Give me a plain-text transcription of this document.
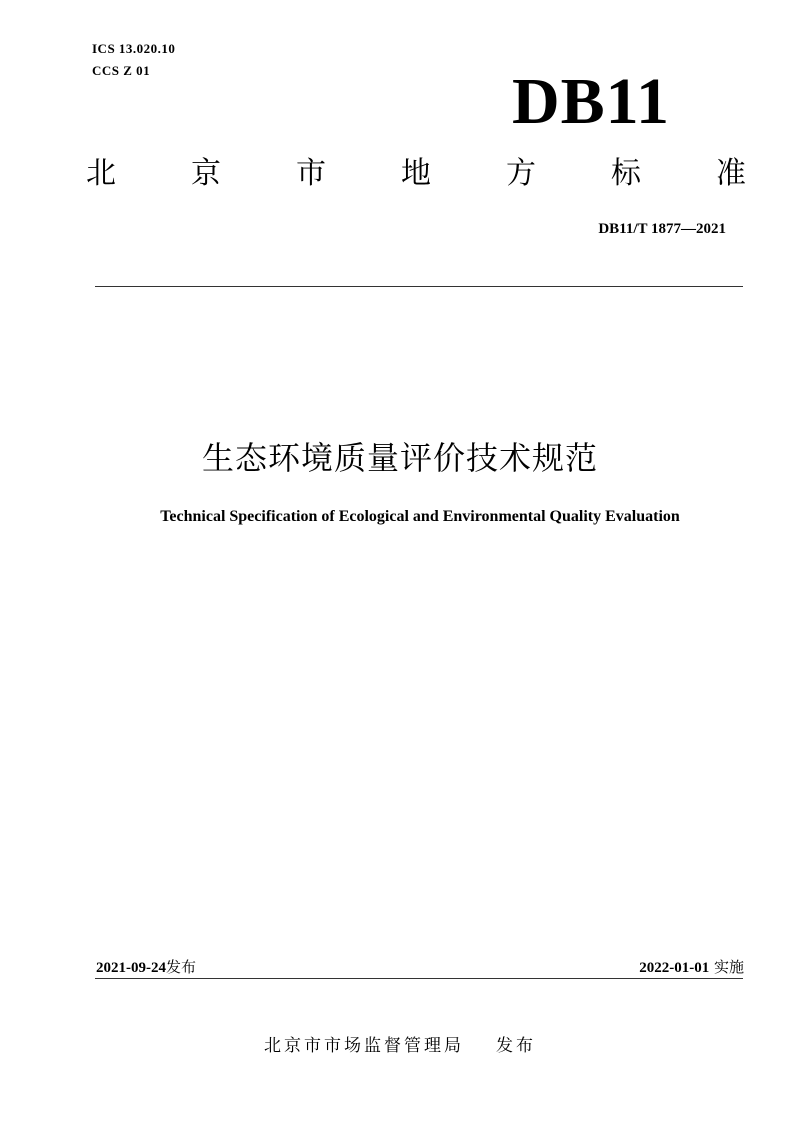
ICS 13.020.10
CCS Z 01	DB11
北	京	市	地	方	标	准
DB11/T 1877—2021
生态环境质量评价技术规范
Technical Specification of Ecological and Environmental Quality Evaluation
2021-09-24发布	2022-01-01 实施
北京市市场监督管理局 发布
